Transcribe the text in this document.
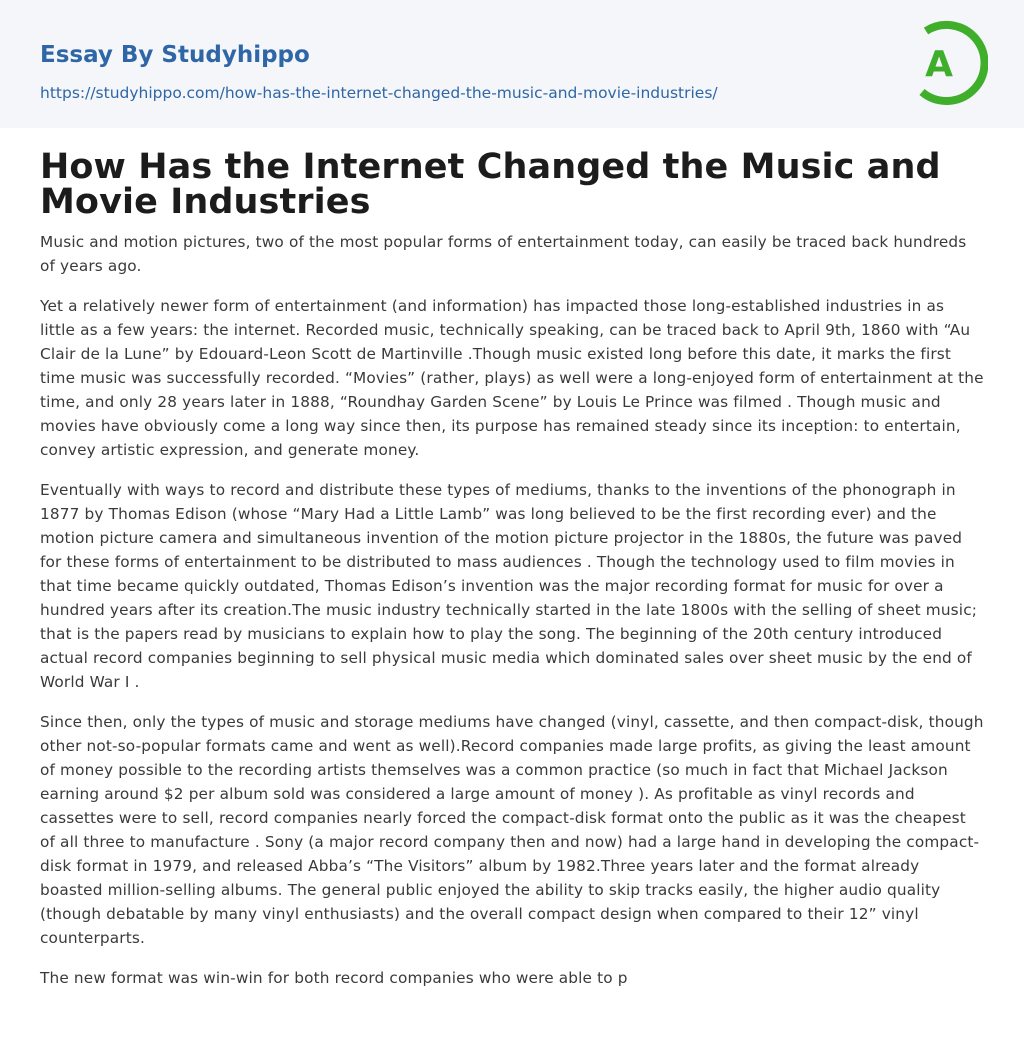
Essay By Studyhippo
https://studyhippo.com/how-has-the-internet-changed-the-music-and-movie-industries/
A
How Has the Internet Changed the Music and Movie Industries

Music and motion pictures, two of the most popular forms of entertainment today, can easily be traced back hundreds of years ago.

Yet a relatively newer form of entertainment (and information) has impacted those long-established industries in as little as a few years: the internet. Recorded music, technically speaking, can be traced back to April 9th, 1860 with “Au Clair de la Lune” by Edouard-Leon Scott de Martinville .Though music existed long before this date, it marks the first time music was successfully recorded. “Movies” (rather, plays) as well were a long-enjoyed form of entertainment at the time, and only 28 years later in 1888, “Roundhay Garden Scene” by Louis Le Prince was filmed . Though music and movies have obviously come a long way since then, its purpose has remained steady since its inception: to entertain, convey artistic expression, and generate money.

Eventually with ways to record and distribute these types of mediums, thanks to the inventions of the phonograph in 1877 by Thomas Edison (whose “Mary Had a Little Lamb” was long believed to be the first recording ever) and the motion picture camera and simultaneous invention of the motion picture projector in the 1880s, the future was paved for these forms of entertainment to be distributed to mass audiences . Though the technology used to film movies in that time became quickly outdated, Thomas Edison’s invention was the major recording format for music for over a hundred years after its creation.The music industry technically started in the late 1800s with the selling of sheet music; that is the papers read by musicians to explain how to play the song. The beginning of the 20th century introduced actual record companies beginning to sell physical music media which dominated sales over sheet music by the end of World War I .

Since then, only the types of music and storage mediums have changed (vinyl, cassette, and then compact-disk, though other not-so-popular formats came and went as well).Record companies made large profits, as giving the least amount of money possible to the recording artists themselves was a common practice (so much in fact that Michael Jackson earning around $2 per album sold was considered a large amount of money ). As profitable as vinyl records and cassettes were to sell, record companies nearly forced the compact-disk format onto the public as it was the cheapest of all three to manufacture . Sony (a major record company then and now) had a large hand in developing the compact-disk format in 1979, and released Abba’s “The Visitors” album by 1982.Three years later and the format already boasted million-selling albums. The general public enjoyed the ability to skip tracks easily, the higher audio quality (though debatable by many vinyl enthusiasts) and the overall compact design when compared to their 12” vinyl counterparts.

The new format was win-win for both record companies who were able to p
